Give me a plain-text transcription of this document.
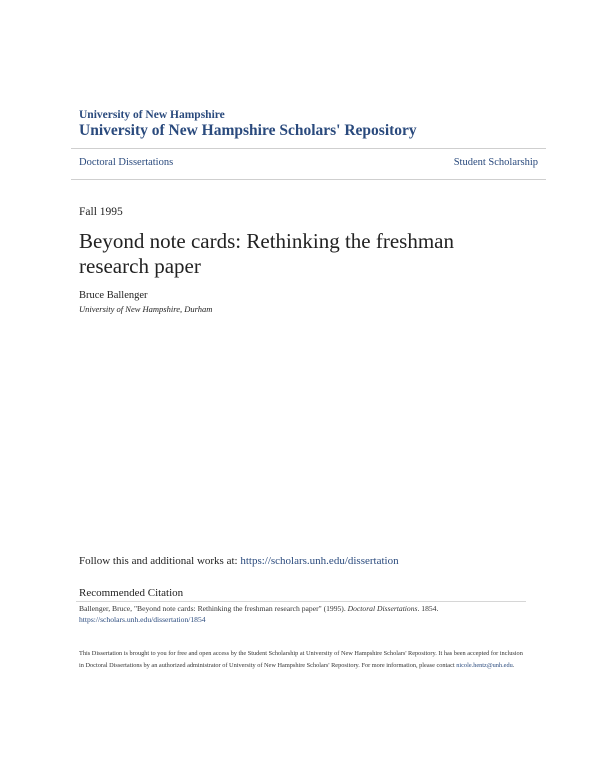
University of New Hampshire
University of New Hampshire Scholars' Repository
Doctoral Dissertations	Student Scholarship
Fall 1995
Beyond note cards: Rethinking the freshman research paper
Bruce Ballenger
University of New Hampshire, Durham
Follow this and additional works at: https://scholars.unh.edu/dissertation
Recommended Citation
Ballenger, Bruce, "Beyond note cards: Rethinking the freshman research paper" (1995). Doctoral Dissertations. 1854.
https://scholars.unh.edu/dissertation/1854
This Dissertation is brought to you for free and open access by the Student Scholarship at University of New Hampshire Scholars' Repository. It has been accepted for inclusion in Doctoral Dissertations by an authorized administrator of University of New Hampshire Scholars' Repository. For more information, please contact nicole.hentz@unh.edu.
